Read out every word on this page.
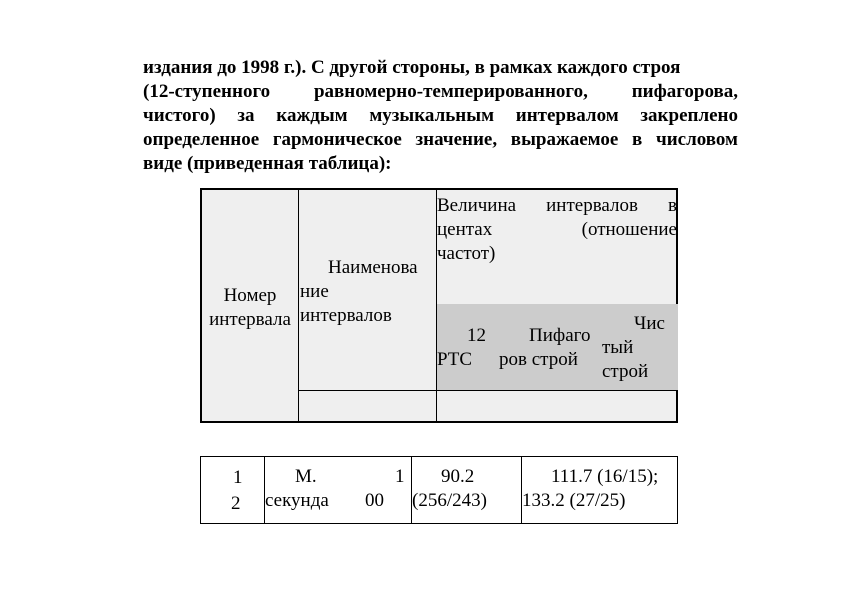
издания до 1998 г.). С другой стороны, в рамках каждого строя
(12-ступенного равномерно-темперированного, пифагорова,
чистого) за каждым музыкальным интервалом закреплено
определенное гармоническое значение, выражаемое в числовом
виде (приведенная таблица):
Номер
интервала
Наименова
ние
интервалов
Величина интервалов в
центах (отношение
частот)
12
РТС
Пифаго
ров строй
Чис
тый
строй
1
2
М.
секунда
1
00
90.2
(256/243)
111.7 (16/15);
133.2 (27/25)
